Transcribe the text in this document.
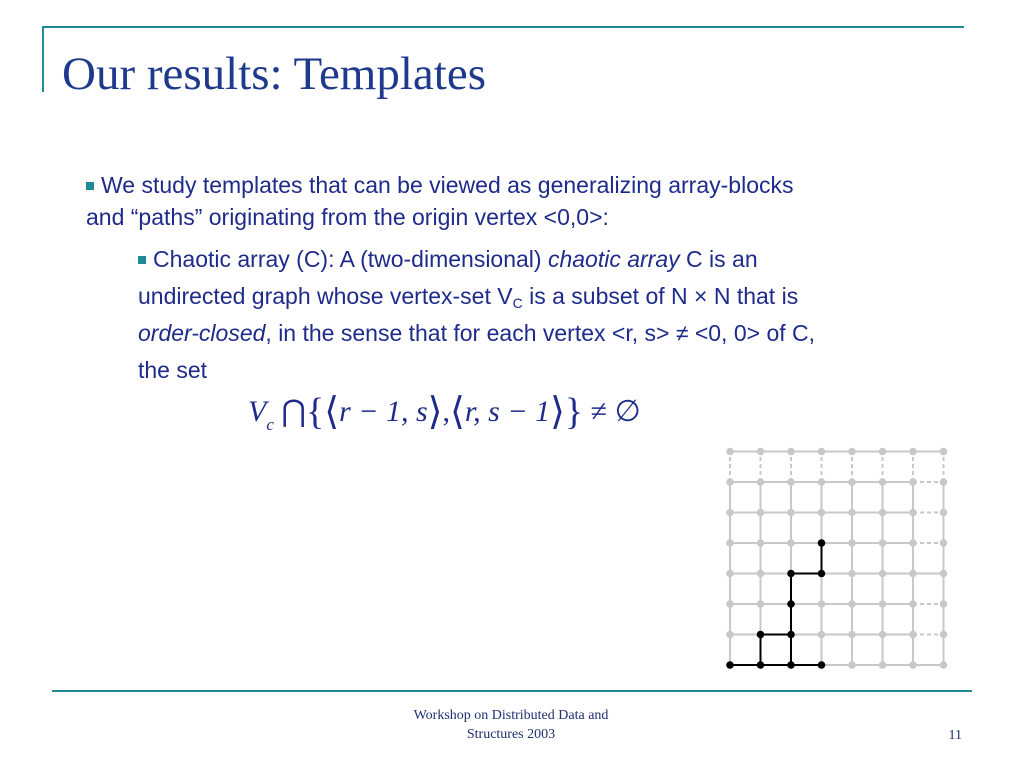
Our results: Templates
We study templates that can be viewed as generalizing array-blocks
and “paths” originating from the origin vertex <0,0>:
Chaotic array (C): A (two-dimensional) chaotic array C is an
undirected graph whose vertex-set $V_C$ is a subset of N × N that is
order-closed, in the sense that for each vertex <r, s> ≠ <0, 0> of C,
the set
$V_c$ ⋂{⟨r − 1, s⟩,⟨r, s − 1⟩} ≠ ∅
Workshop on Distributed Data and
Structures 2003	11
